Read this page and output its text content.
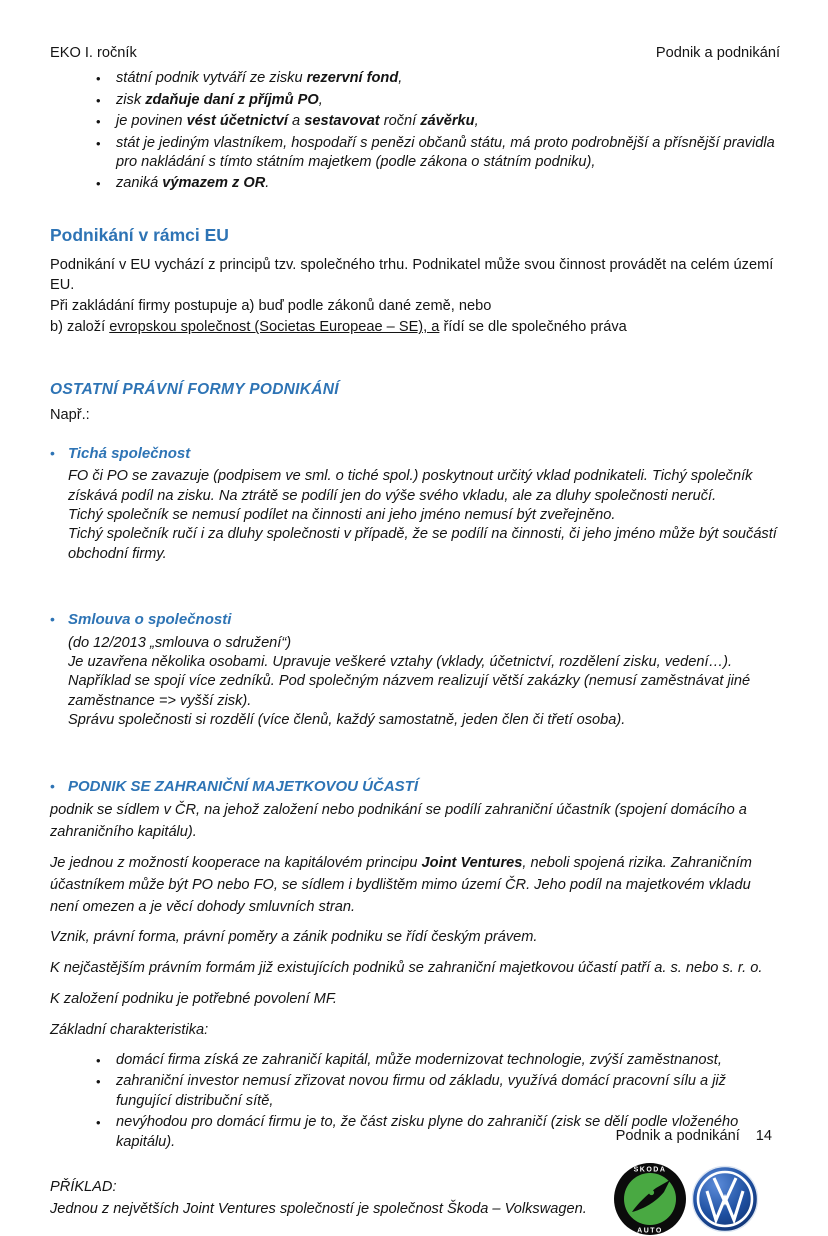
EKO I. ročník	Podnik a podnikání
•	státní podnik vytváří ze zisku rezervní fond,
•	zisk zdaňuje daní z příjmů PO,
•	je povinen vést účetnictví a sestavovat roční závěrku,
•	stát je jediným vlastníkem, hospodaří s penězi občanů státu, má proto podrobnější a přísnější pravidla pro nakládání s tímto státním majetkem (podle zákona o státním podniku),
•	zaniká výmazem z OR.
Podnikání v rámci EU

Podnikání v EU vychází z principů tzv. společného trhu. Podnikatel může svou činnost provádět na celém území EU.

Při zakládání firmy postupuje a) buď podle zákonů dané země, nebo

b) založí evropskou společnost (Societas Europeae – SE), a řídí se dle společného práva

OSTATNÍ PRÁVNÍ FORMY PODNIKÁNÍ
Např.:
• Tichá společnost

FO či PO se zavazuje (podpisem ve sml. o tiché spol.) poskytnout určitý vklad podnikateli. Tichý společník získává podíl na zisku. Na ztrátě se podílí jen do výše svého vkladu, ale za dluhy společnosti neručí.

Tichý společník se nemusí podílet na činnosti ani jeho jméno nemusí být zveřejněno.

Tichý společník ručí i za dluhy společnosti v případě, že se podílí na činnosti, či jeho jméno může být součástí obchodní firmy.

• Smlouva o společnosti

(do 12/2013 „smlouva o sdružení“)

Je uzavřena několika osobami. Upravuje veškeré vztahy (vklady, účetnictví, rozdělení zisku, vedení…).

Například se spojí více zedníků. Pod společným názvem realizují větší zakázky (nemusí zaměstnávat jiné zaměstnance => vyšší zisk).

Správu společnosti si rozdělí (více členů, každý samostatně, jeden člen či třetí osoba).

• PODNIK SE ZAHRANIČNÍ MAJETKOVOU ÚČASTÍ

podnik se sídlem v ČR, na jehož založení nebo podnikání se podílí zahraniční účastník (spojení domácího a zahraničního kapitálu).

Je jednou z možností kooperace na kapitálovém principu Joint Ventures, neboli spojená rizika. Zahraničním účastníkem může být PO nebo FO, se sídlem i bydlištěm mimo území ČR. Jeho podíl na majetkovém vkladu není omezen a je věcí dohody smluvních stran.

Vznik, právní forma, právní poměry a zánik podniku se řídí českým právem.

K nejčastějším právním formám již existujících podniků se zahraniční majetkovou účastí patří a. s. nebo s. r. o.

K založení podniku je potřebné povolení MF.

Základní charakteristika:

•	domácí firma získá ze zahraničí kapitál, může modernizovat technologie, zvýší zaměstnanost,
•	zahraniční investor nemusí zřizovat novou firmu od základu, využívá domácí pracovní sílu a již fungující distribuční sítě,
•	nevýhodou pro domácí firmu je to, že část zisku plyne do zahraničí (zisk se dělí podle vloženého kapitálu).

PŘÍKLAD:

Jednou z největších Joint Ventures společností je společnost Škoda – Volkswagen.

ŠKODA
AUTO
Podnik a podnikání 14
